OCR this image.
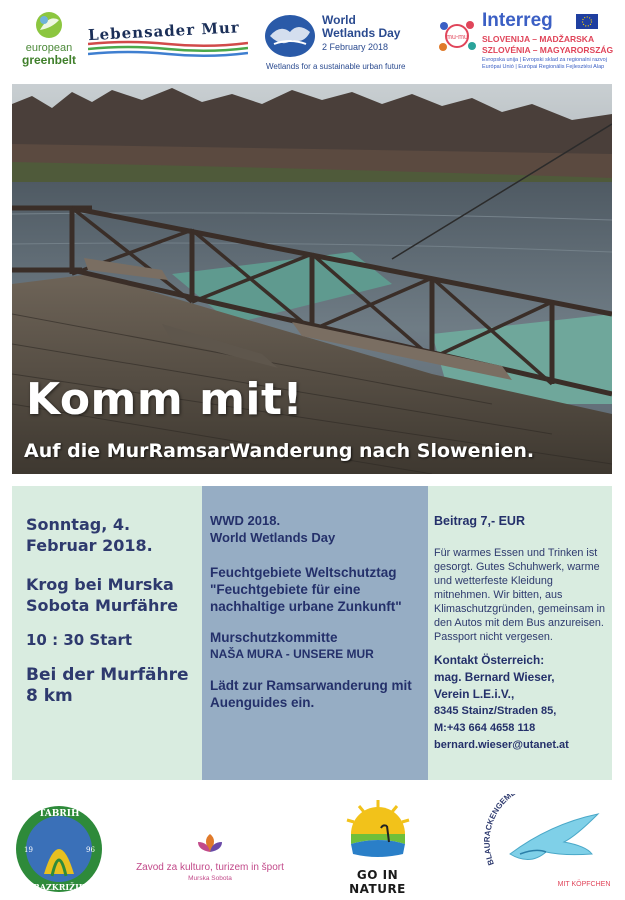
european
greenbelt
Lebensader Mur	World
Wetlands Day
2 February 2018
Wetlands for a sustainable urban future
mu-mu
Interreg
SLOVENIJA – MADŽARSKA
SZLOVÉNIA – MAGYARORSZÁG
Evropska unija | Evropski sklad za regionalni razvoj
Európai Unió | Európai Regionális Fejlesztési Alap
Komm mit!
Auf die MurRamsarWanderung nach Slowenien.
Sonntag, 4.
Februar 2018.
Krog bei Murska
Sobota Murfähre
10 : 30 Start
Bei der Murfähre
8 km
WWD 2018.
World Wetlands Day
Feuchtgebiete Weltschutztag
"Feuchtgebiete für eine
nachhaltige urbane Zunkunft"
Murschutzkommitte
NAŠA MURA - UNSERE MUR
Lädt zur Ramsarwanderung mit
Auenguides ein.
Beitrag 7,- EUR
Für warmes Essen und Trinken ist
gesorgt. Gutes Schuhwerk, warme
und wetterfeste Kleidung
mitnehmen. Wir bitten, aus
Klimaschutzgründen, gemeinsam in
den Autos mit dem Bus anzureisen.
Passport nicht vergesen.
Kontakt Österreich:
mag. Bernard Wieser,
Verein L.E.i.V.,
8345 Stainz/Straden 85,
M:+43 664 4658 118
bernard.wieser@utanet.at
TABRIH
RAZKRIŽJE
19	96
Zavod za kulturo, turizem in šport
Murska Sobota	GO IN NATURE
BLAURACKENGEM
MIT KÖPFCHEN
